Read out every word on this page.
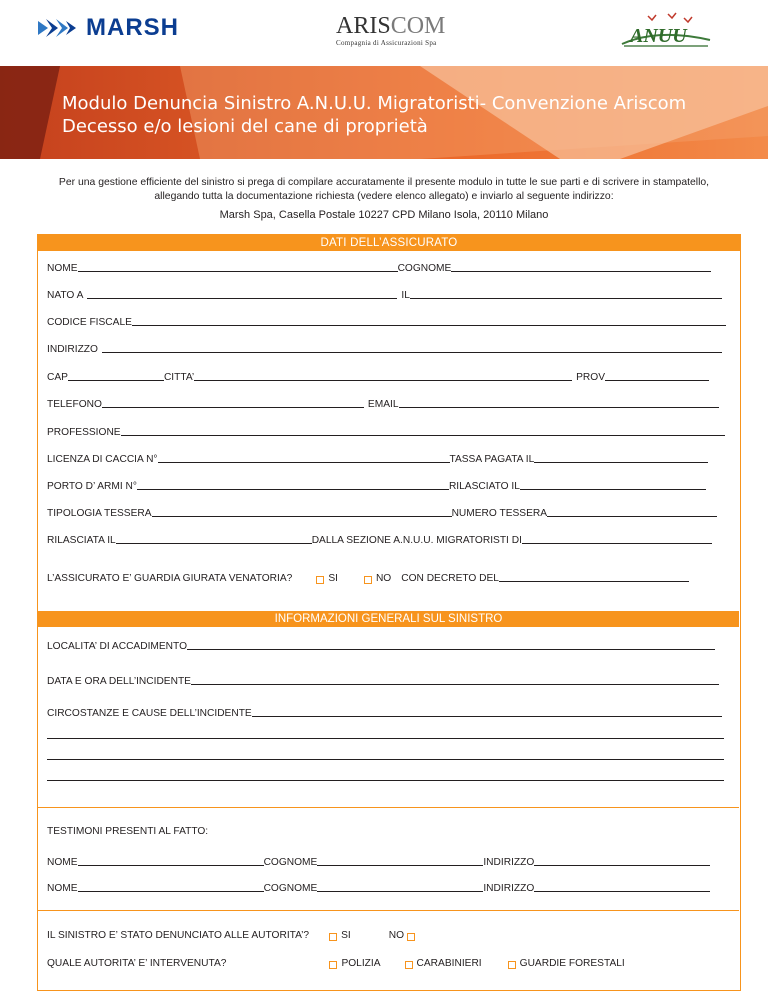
MARSH	ARISCOM
Compagnia di Assicurazioni Spa	ANUU
Modulo Denuncia Sinistro A.N.U.U. Migratoristi- Convenzione Ariscom
Decesso e/o lesioni del cane di proprietà
Per una gestione efficiente del sinistro si prega di compilare accuratamente il presente modulo in tutte le sue parti e di scrivere in stampatello,
allegando tutta la documentazione richiesta (vedere elenco allegato) e inviarlo al seguente indirizzo:
Marsh Spa, Casella Postale 10227 CPD Milano Isola, 20110 Milano
DATI DELL’ASSICURATO
NOME	COGNOME
NATO A	IL
CODICE FISCALE
INDIRIZZO
CAP	CITTA’	PROV
TELEFONO	EMAIL
PROFESSIONE
LICENZA DI CACCIA N°	TASSA PAGATA IL
PORTO D’ ARMI N°	RILASCIATO IL
TIPOLOGIA TESSERA	NUMERO TESSERA
RILASCIATA IL	DALLA SEZIONE A.N.U.U. MIGRATORISTI DI
L’ASSICURATO E’ GUARDIA GIURATA VENATORIA?	SI	NO CON DECRETO DEL
INFORMAZIONI GENERALI SUL SINISTRO
LOCALITA’ DI ACCADIMENTO
DATA E ORA DELL’INCIDENTE
CIRCOSTANZE E CAUSE DELL’INCIDENTE
TESTIMONI PRESENTI AL FATTO:
NOME	COGNOME	INDIRIZZO
NOME	COGNOME	INDIRIZZO
IL SINISTRO E’ STATO DENUNCIATO ALLE AUTORITA’?	SI	NO
QUALE AUTORITA’ E’ INTERVENUTA?	POLIZIA	CARABINIERI	GUARDIE FORESTALI
